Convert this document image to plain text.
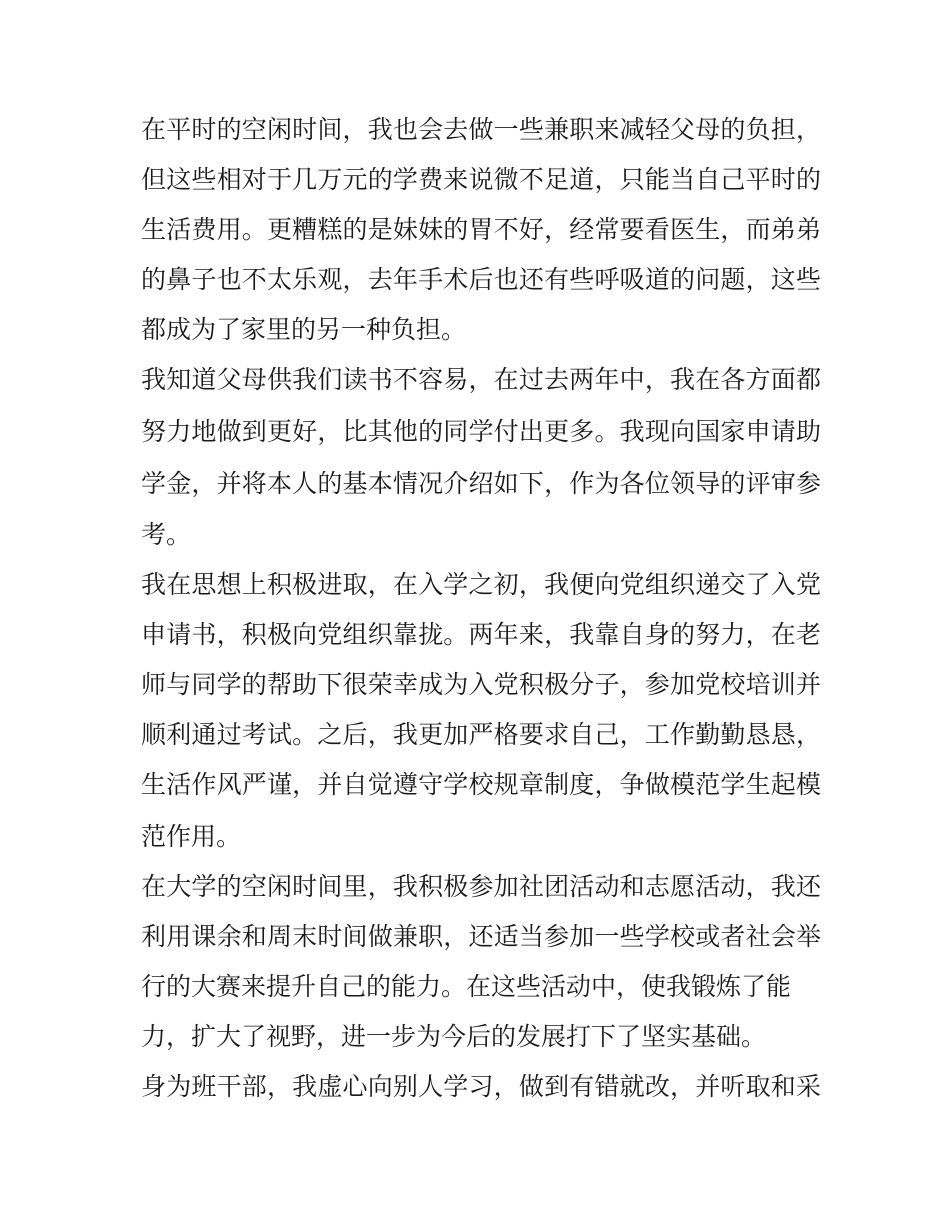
在平时的空闲时间，我也会去做一些兼职来减轻父母的负担，
但这些相对于几万元的学费来说微不足道，只能当自己平时的
生活费用。更糟糕的是妹妹的胃不好，经常要看医生，而弟弟
的鼻子也不太乐观，去年手术后也还有些呼吸道的问题，这些
都成为了家里的另一种负担。
我知道父母供我们读书不容易，在过去两年中，我在各方面都
努力地做到更好，比其他的同学付出更多。我现向国家申请助
学金，并将本人的基本情况介绍如下，作为各位领导的评审参
考。
我在思想上积极进取，在入学之初，我便向党组织递交了入党
申请书，积极向党组织靠拢。两年来，我靠自身的努力，在老
师与同学的帮助下很荣幸成为入党积极分子，参加党校培训并
顺利通过考试。之后，我更加严格要求自己，工作勤勤恳恳，
生活作风严谨，并自觉遵守学校规章制度，争做模范学生起模
范作用。
在大学的空闲时间里，我积极参加社团活动和志愿活动，我还
利用课余和周末时间做兼职，还适当参加一些学校或者社会举
行的大赛来提升自己的能力。在这些活动中，使我锻炼了能
力，扩大了视野，进一步为今后的发展打下了坚实基础。
身为班干部，我虚心向别人学习，做到有错就改，并听取和采
